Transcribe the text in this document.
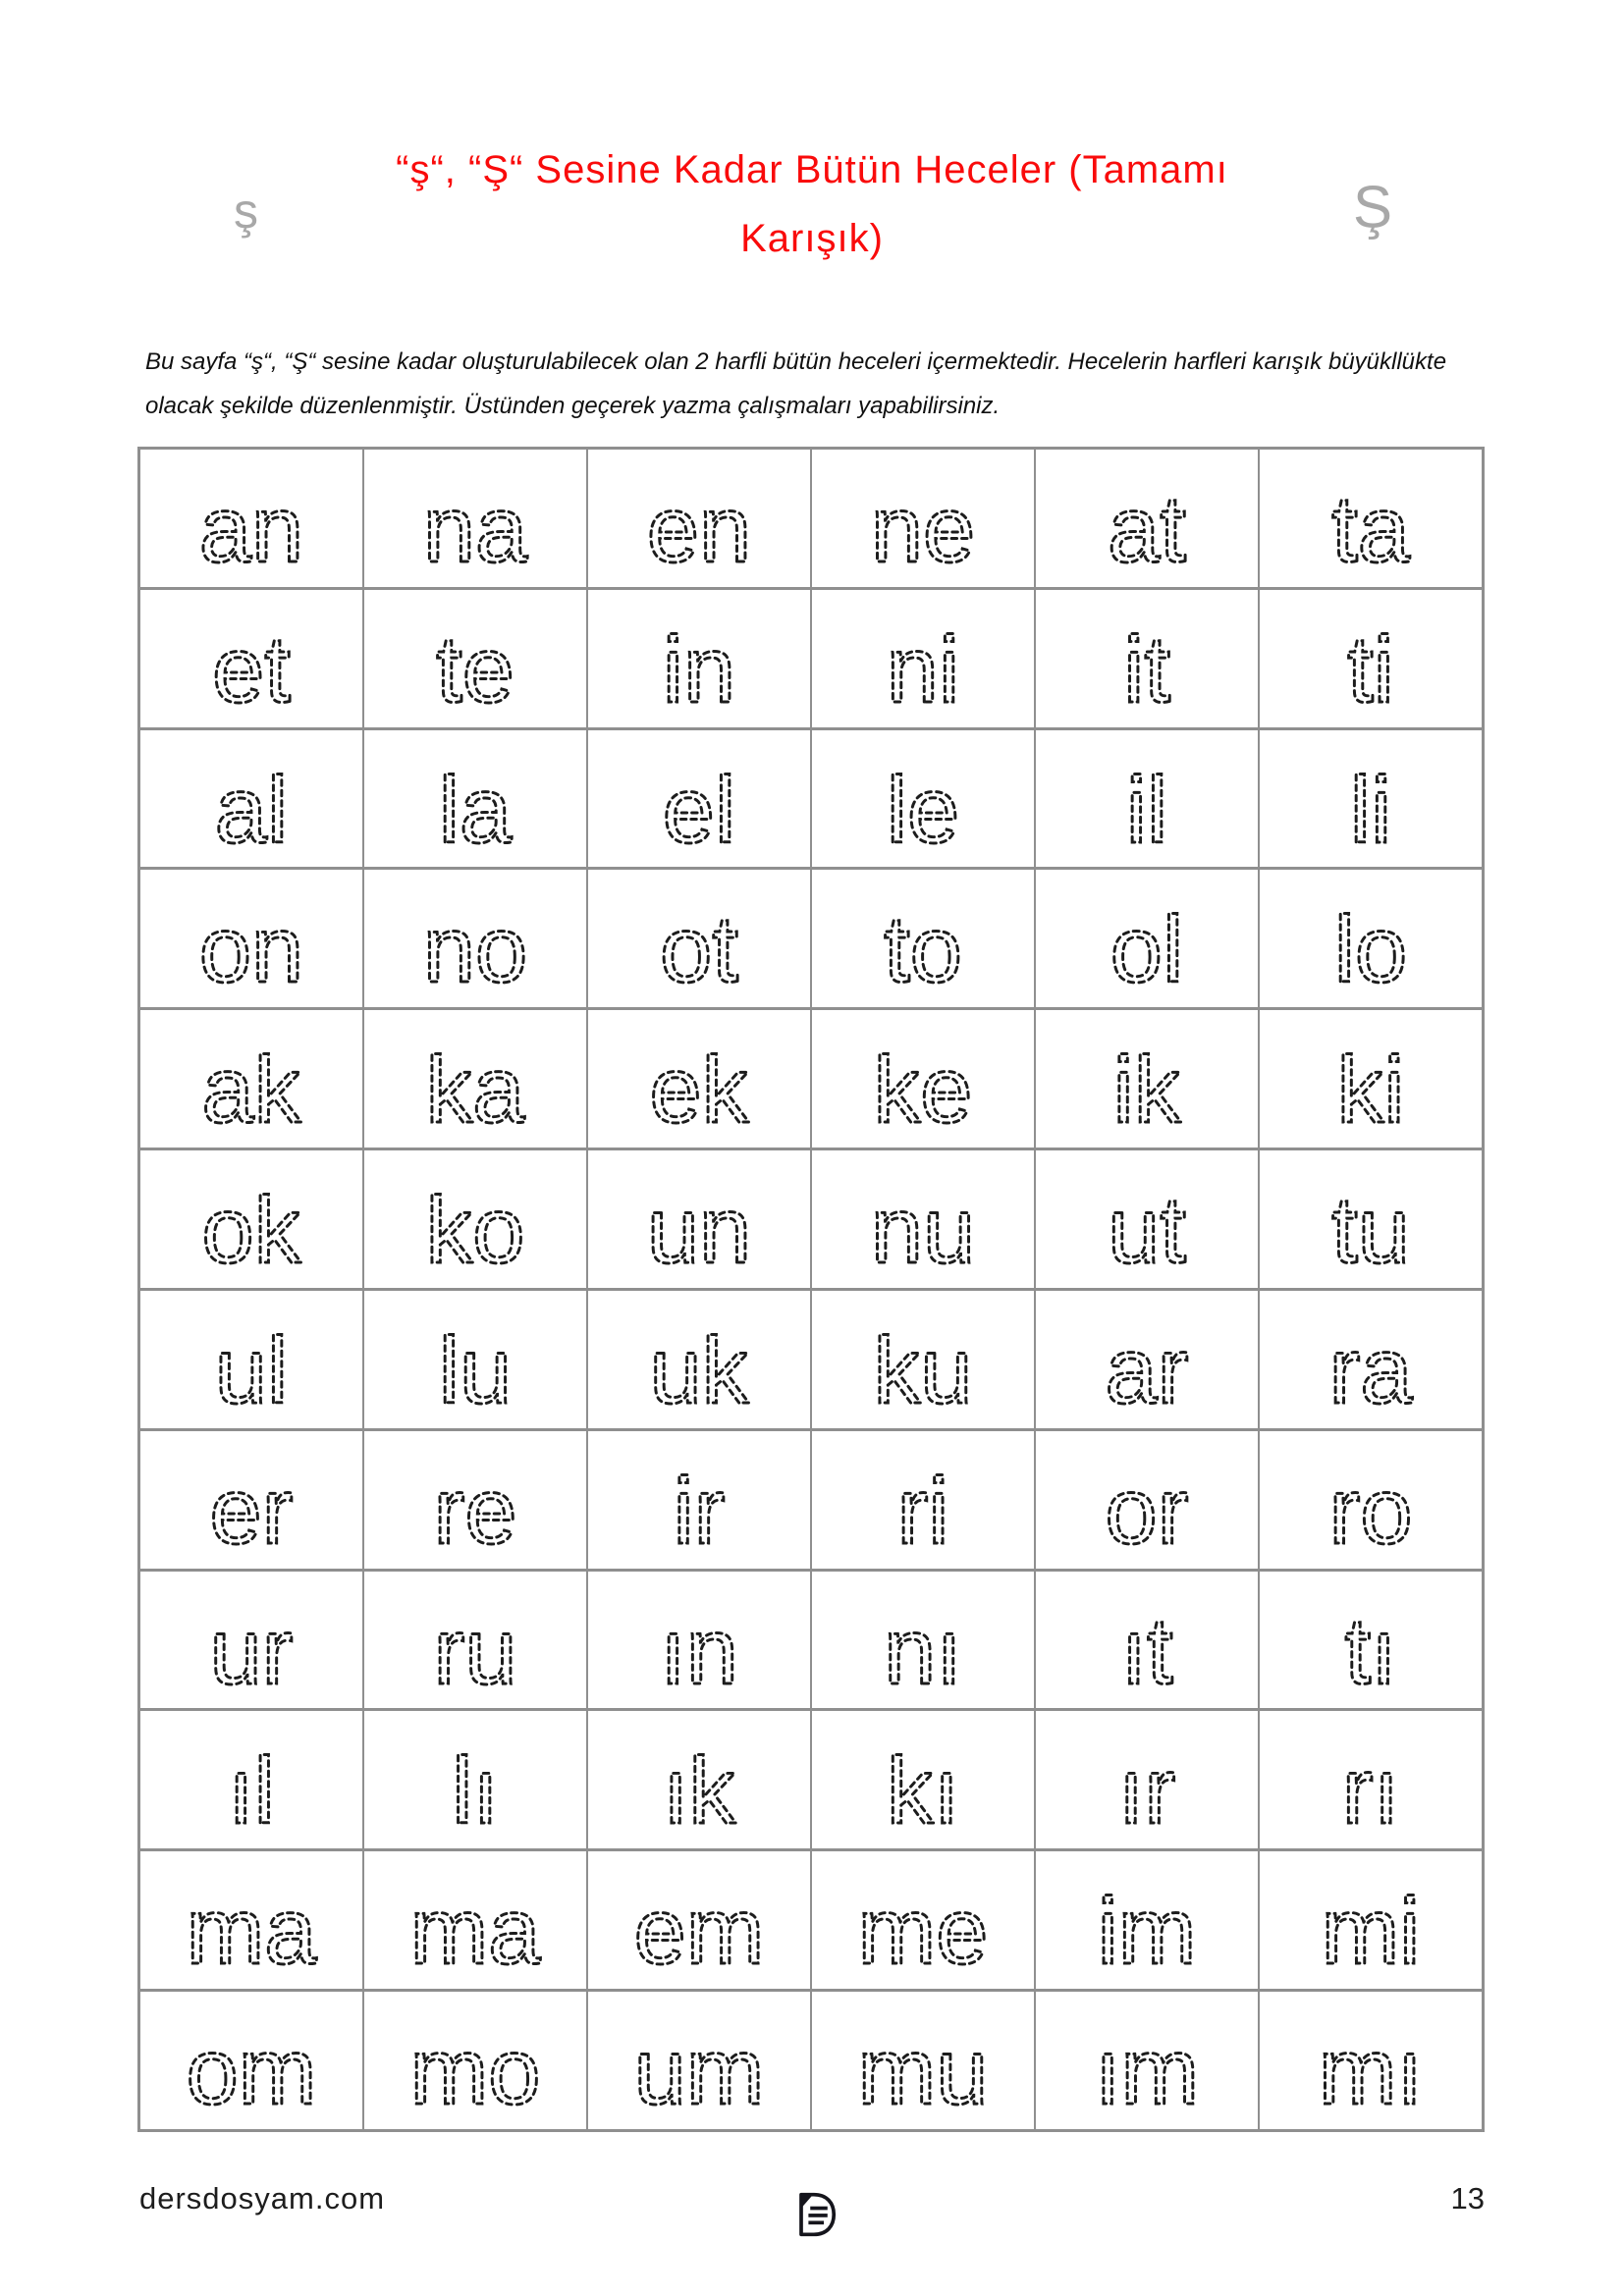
ş
“ş“, “Ş“ Sesine Kadar Bütün Heceler (Tamamı
Karışık)	Ş

Bu sayfa “ş“, “Ş“ sesine kadar oluşturulabilecek olan 2 harfli bütün heceleri içermektedir. Hecelerin harfleri karışık büyükllükte olacak şekilde düzenlenmiştir. Üstünden geçerek yazma çalışmaları yapabilirsiniz.

an na en ne at ta
et te in ni it ti
al la el le il li
on no ot to ol lo
ak ka ek ke ik ki
ok ko un nu ut tu
ul lu uk ku ar ra
er re ir ri or ro
ur ru ın nı ıt tı
ıl lı ık kı ır rı
ma ma em me im mi
om mo um mu ım mı
dersdosyam.com	13
